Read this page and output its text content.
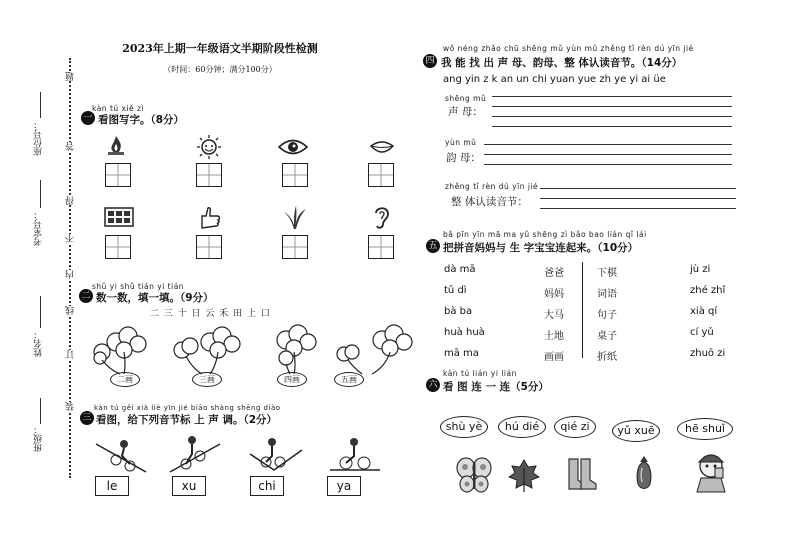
座位号：
考室号：
姓名：
班级：
题
答
得
不
内
线
订
装
2023年上期一年级语文半期阶段性检测
（时间：60分钟；满分100分）
kàn tú xiě zì
一 看图写字。（8分）
shǔ yi shǔ tián yi tián
二 数一数，填一填。（9分）
二 三 十 日 云 禾 田 上 口
二画	三画	四画	五画
kàn tú gěi xià liè yīn jié biāo shàng shēng diào
三 看图，给下列音节标 上 声 调。（2分）
le	xu	chi	ya
wǒ néng zhǎo chū shēng mǔ yùn mǔ zhěng tǐ rèn dú yīn jié
四 我 能 找 出 声 母、韵母、整 体认读音节。（14分）
ang yin z k an un chi yuan yue zh ye yi ai üe
shēng mǔ
声 母：
yùn mǔ
韵 母：
zhěng tǐ rèn dú yīn jié
整 体认读音节：
bǎ pīn yīn mā ma yǔ shēng zì bǎo bao lián qǐ lái
五 把拼音妈妈与 生 字宝宝连起来。（10分）
dà mā
tǔ dì
bà ba
huà huà
mā ma
爸爸
妈妈
大马
土地
画画
下棋
词语
句子
桌子
折纸
jù zi
zhé zhǐ
xià qí
cí yǔ
zhuō zi
kàn tú lián yi lián
六 看 图 连 一 连（5分）
shù yè	hú dié	qié zi	yǔ xuē	hē shuǐ
